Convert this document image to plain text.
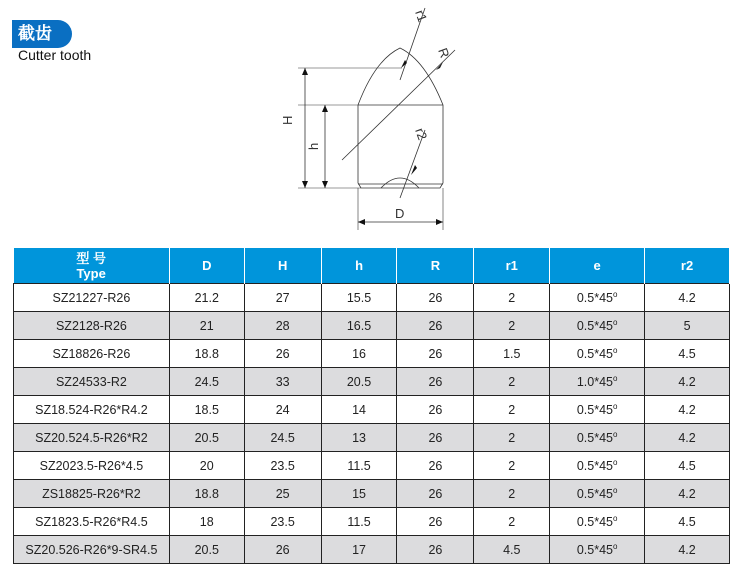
截齿
Cutter tooth
r1
R
H
h
r2
D
型 号
Type	D	H	h	R	r1	e	r2
SZ21227-R26	21.2	27	15.5	26	2	0.5*45$^o$	4.2
SZ2128-R26	21	28	16.5	26	2	0.5*45$^o$	5
SZ18826-R26	18.8	26	16	26	1.5	0.5*45$^o$	4.5
SZ24533-R2	24.5	33	20.5	26	2	1.0*45$^o$	4.2
SZ18.524-R26*R4.2	18.5	24	14	26	2	0.5*45$^o$	4.2
SZ20.524.5-R26*R2	20.5	24.5	13	26	2	0.5*45$^o$	4.2
SZ2023.5-R26*4.5	20	23.5	11.5	26	2	0.5*45$^o$	4.5
ZS18825-R26*R2	18.8	25	15	26	2	0.5*45$^o$	4.2
SZ1823.5-R26*R4.5	18	23.5	11.5	26	2	0.5*45$^o$	4.5
SZ20.526-R26*9-SR4.5	20.5	26	17	26	4.5	0.5*45$^o$	4.2
